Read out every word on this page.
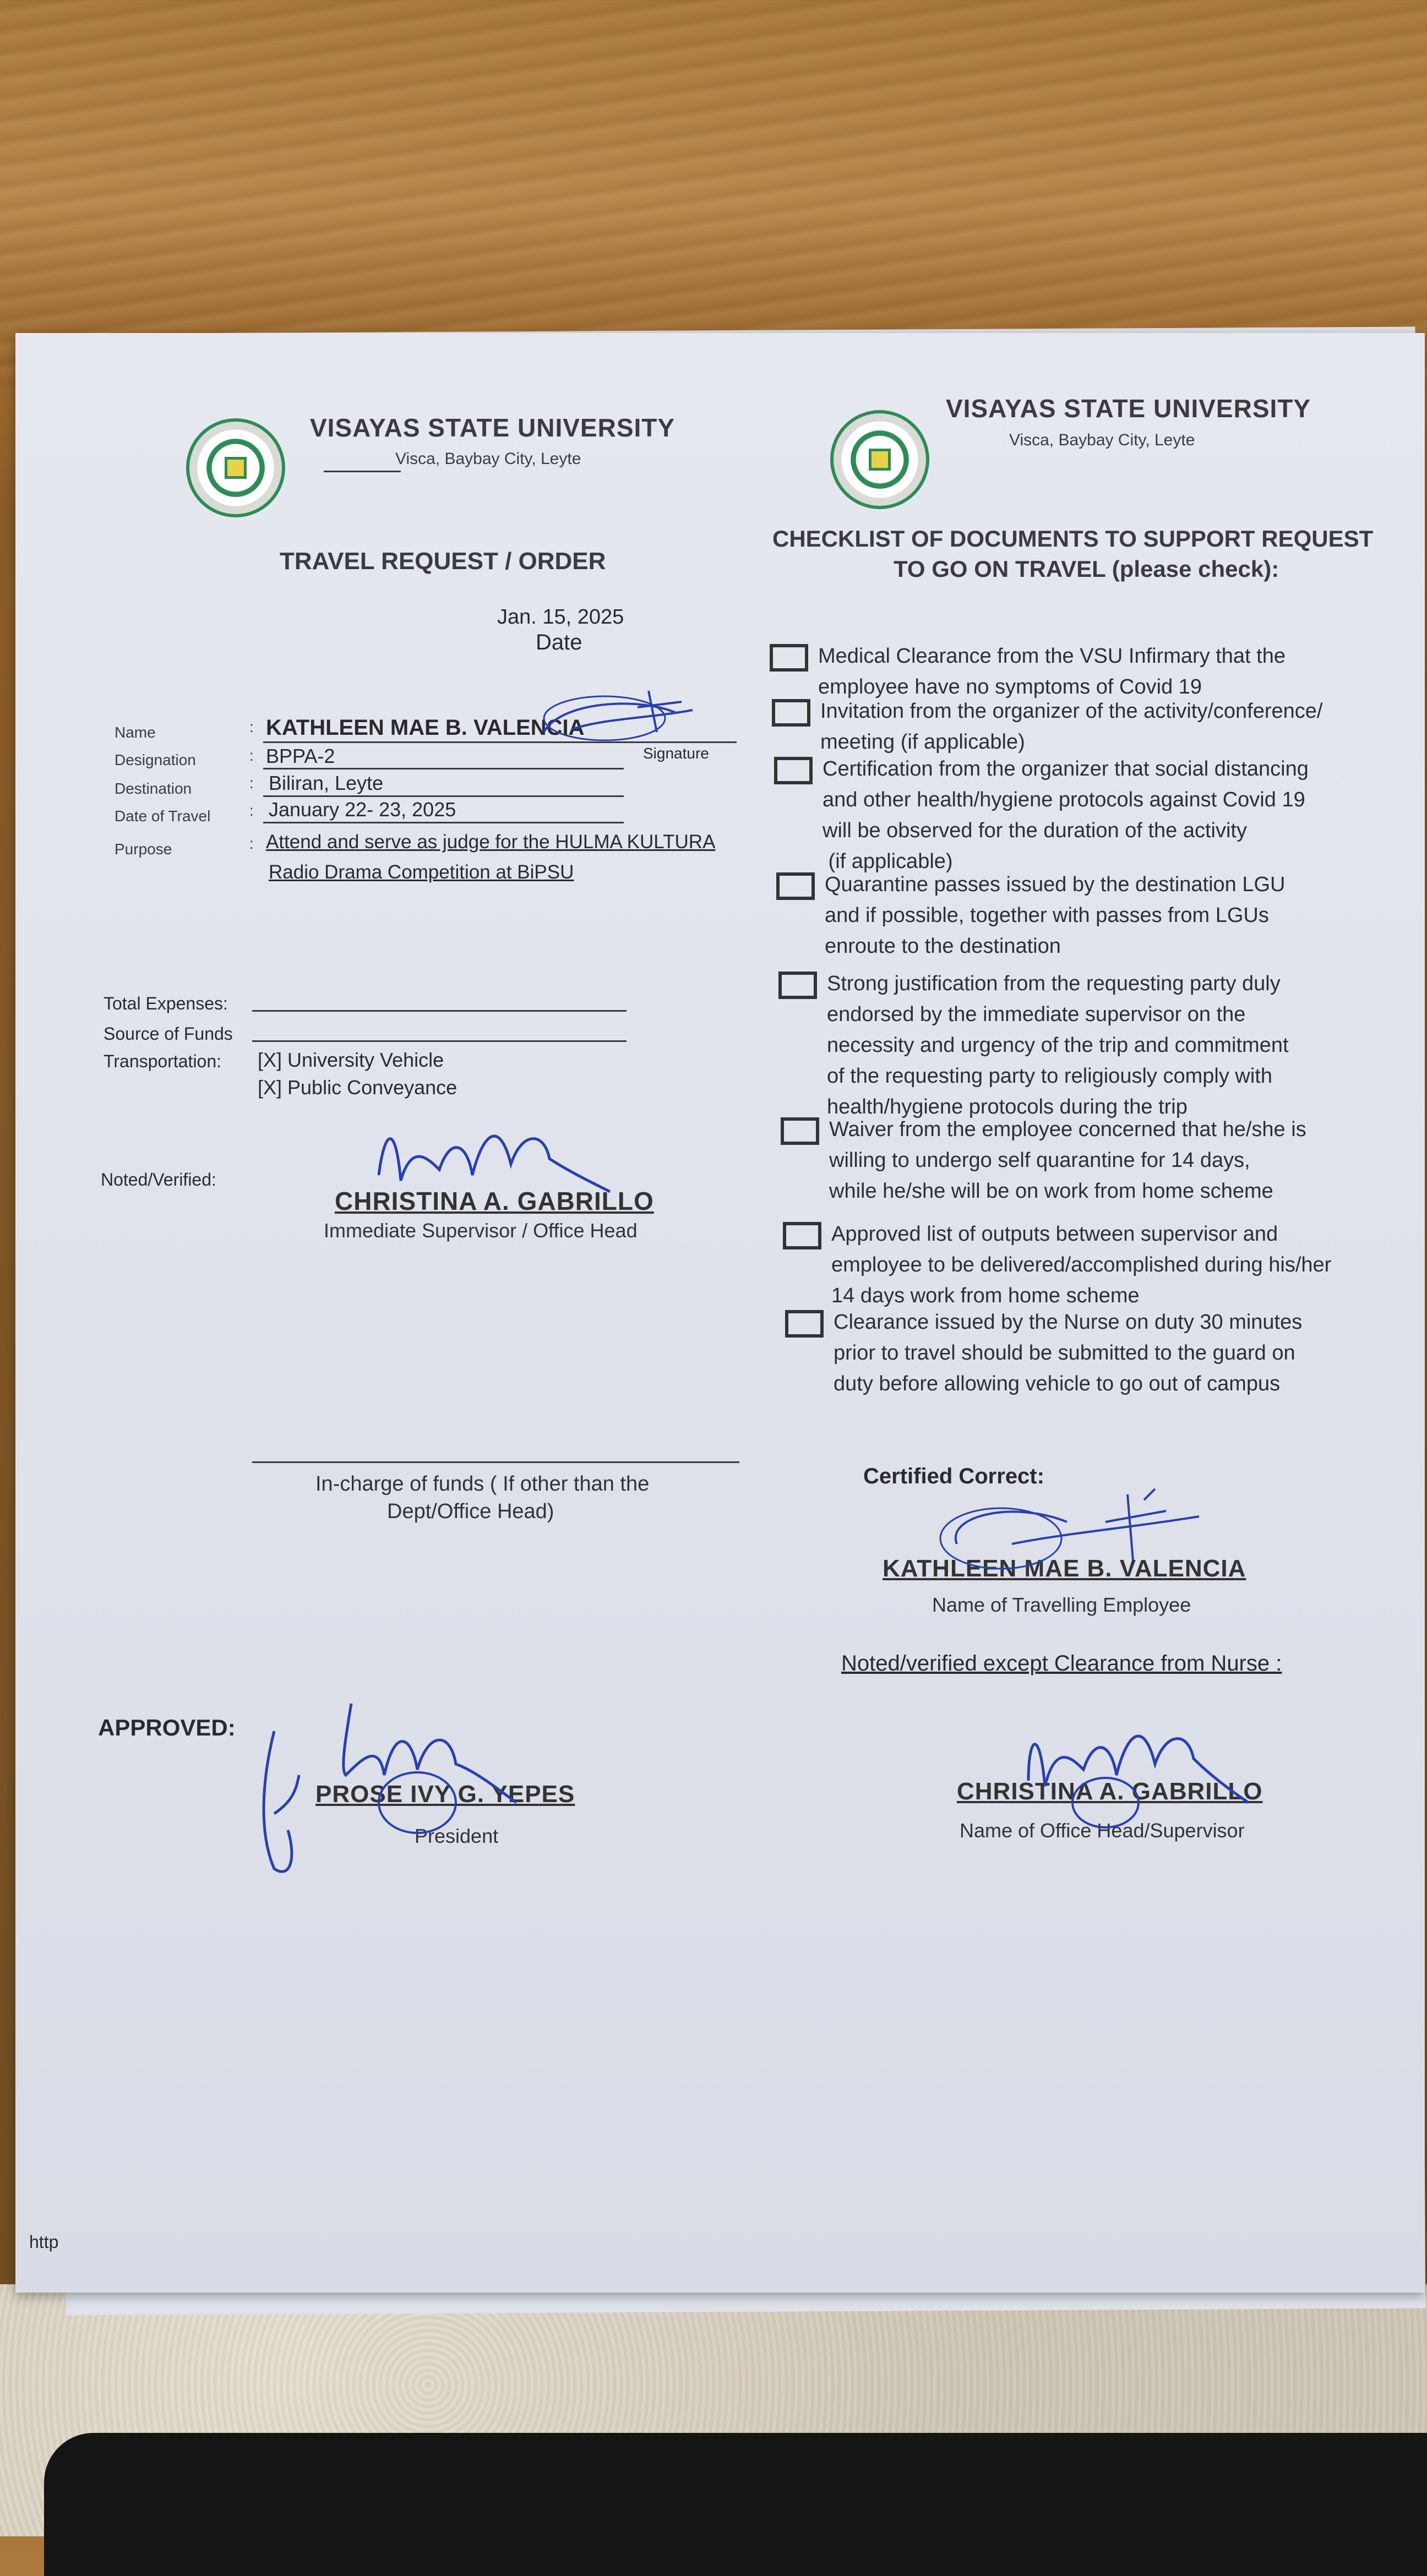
VISAYAS STATE UNIVERSITY
Visca, Baybay City, Leyte
VISAYAS STATE UNIVERSITY
Visca, Baybay City, Leyte
TRAVEL REQUEST / ORDER
Jan. 15, 2025
Date
CHECKLIST OF DOCUMENTS TO SUPPORT REQUEST
TO GO ON TRAVEL (please check):
Name	: KATHLEEN MAE B. VALENCIA
Signature
Designation	: BPPA-2
Destination	: Biliran, Leyte
Date of Travel	: January 22- 23, 2025
Purpose	: Attend and serve as judge for the HULMA KULTURA
Radio Drama Competition at BiPSU
Total Expenses:
Source of Funds
Transportation: [X] University Vehicle
[X] Public Conveyance
Noted/Verified:
CHRISTINA A. GABRILLO
Immediate Supervisor / Office Head
In-charge of funds ( If other than the
Dept/Office Head)
APPROVED:
PROSE IVY G. YEPES
President
Medical Clearance from the VSU Infirmary that the
employee have no symptoms of Covid 19
Invitation from the organizer of the activity/conference/
meeting (if applicable)
Certification from the organizer that social distancing
and other health/hygiene protocols against Covid 19
will be observed for the duration of the activity
(if applicable)
Quarantine passes issued by the destination LGU
and if possible, together with passes from LGUs
enroute to the destination
Strong justification from the requesting party duly
endorsed by the immediate supervisor on the
necessity and urgency of the trip and commitment
of the requesting party to religiously comply with
health/hygiene protocols during the trip
Waiver from the employee concerned that he/she is
willing to undergo self quarantine for 14 days,
while he/she will be on work from home scheme
Approved list of outputs between supervisor and
employee to be delivered/accomplished during his/her
14 days work from home scheme
Clearance issued by the Nurse on duty 30 minutes
prior to travel should be submitted to the guard on
duty before allowing vehicle to go out of campus
Certified Correct:
KATHLEEN MAE B. VALENCIA
Name of Travelling Employee
Noted/verified except Clearance from Nurse :
CHRISTINA A. GABRILLO
Name of Office Head/Supervisor
http
